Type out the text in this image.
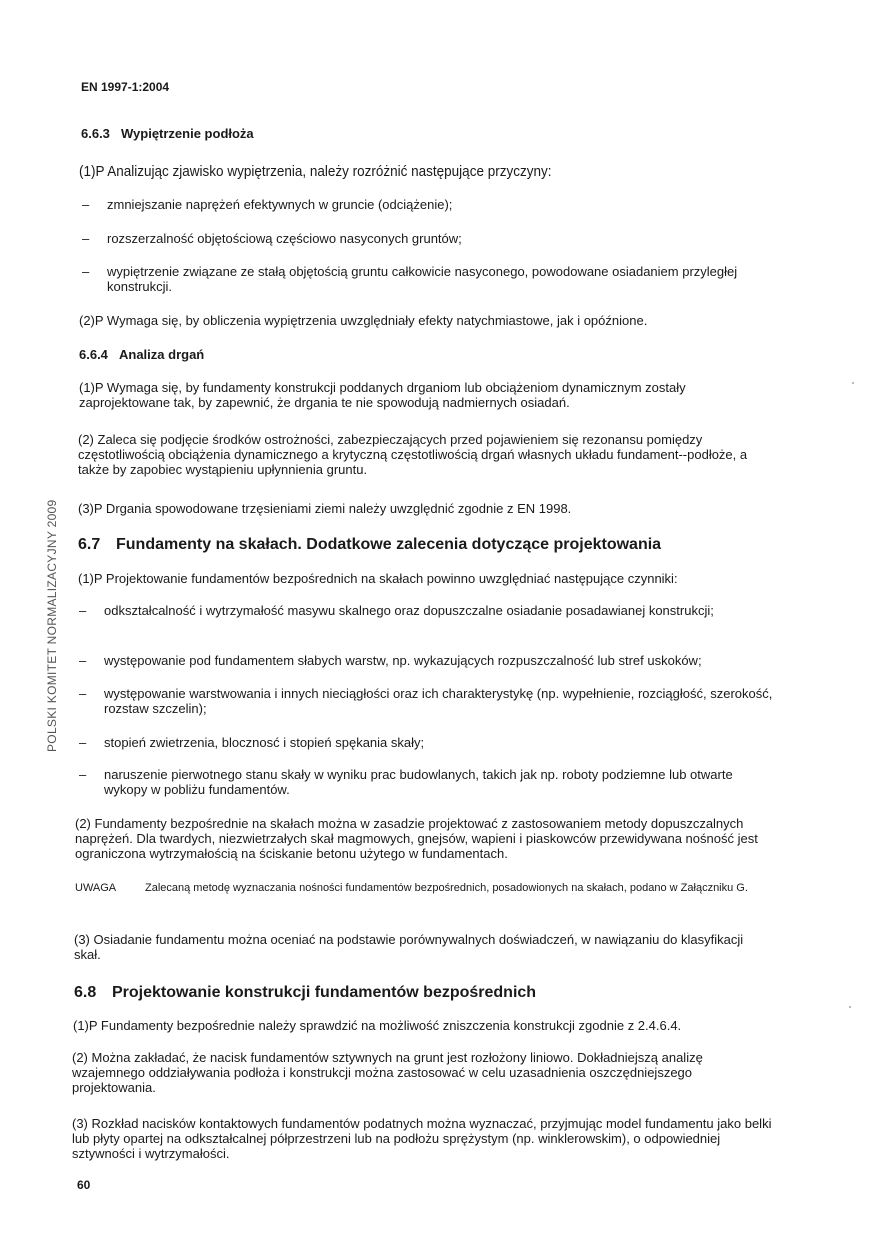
EN 1997-1:2004
POLSKI KOMITET NORMALIZACYJNY 2009
6.6.3 Wypiętrzenie podłoża
(1)P Analizując zjawisko wypiętrzenia, należy rozróżnić następujące przyczyny:
– zmniejszanie naprężeń efektywnych w gruncie (odciążenie);
– rozszerzalność objętościową częściowo nasyconych gruntów;
– wypiętrzenie związane ze stałą objętością gruntu całkowicie nasyconego, powodowane osiadaniem przyległej konstrukcji.
(2)P Wymaga się, by obliczenia wypiętrzenia uwzględniały efekty natychmiastowe, jak i opóźnione.
6.6.4 Analiza drgań
(1)P Wymaga się, by fundamenty konstrukcji poddanych drganiom lub obciążeniom dynamicznym zostały zaprojektowane tak, by zapewnić, że drgania te nie spowodują nadmiernych osiadań.
(2) Zaleca się podjęcie środków ostrożności, zabezpieczających przed pojawieniem się rezonansu pomiędzy częstotliwością obciążenia dynamicznego a krytyczną częstotliwością drgań własnych układu fundament--podłoże, a także by zapobiec wystąpieniu upłynnienia gruntu.
(3)P Drgania spowodowane trzęsieniami ziemi należy uwzględnić zgodnie z EN 1998.
6.7 Fundamenty na skałach. Dodatkowe zalecenia dotyczące projektowania
(1)P Projektowanie fundamentów bezpośrednich na skałach powinno uwzględniać następujące czynniki:
– odkształcalność i wytrzymałość masywu skalnego oraz dopuszczalne osiadanie posadawianej konstrukcji;
– występowanie pod fundamentem słabych warstw, np. wykazujących rozpuszczalność lub stref uskoków;
– występowanie warstwowania i innych nieciągłości oraz ich charakterystykę (np. wypełnienie, rozciągłość, szerokość, rozstaw szczelin);
– stopień zwietrzenia, blocznosć i stopień spękania skały;
– naruszenie pierwotnego stanu skały w wyniku prac budowlanych, takich jak np. roboty podziemne lub otwarte wykopy w pobliżu fundamentów.
(2) Fundamenty bezpośrednie na skałach można w zasadzie projektować z zastosowaniem metody dopuszczalnych naprężeń. Dla twardych, niezwietrzałych skał magmowych, gnejsów, wapieni i piaskowców przewidywana nośność jest ograniczona wytrzymałością na ściskanie betonu użytego w fundamentach.
UWAGA	Zalecaną metodę wyznaczania nośności fundamentów bezpośrednich, posadowionych na skałach, podano w Załączniku G.
(3) Osiadanie fundamentu można oceniać na podstawie porównywalnych doświadczeń, w nawiązaniu do klasyfikacji skał.
6.8 Projektowanie konstrukcji fundamentów bezpośrednich
(1)P Fundamenty bezpośrednie należy sprawdzić na możliwość zniszczenia konstrukcji zgodnie z 2.4.6.4.
(2) Można zakładać, że nacisk fundamentów sztywnych na grunt jest rozłożony liniowo. Dokładniejszą analizę wzajemnego oddziaływania podłoża i konstrukcji można zastosować w celu uzasadnienia oszczędniejszego projektowania.
(3) Rozkład nacisków kontaktowych fundamentów podatnych można wyznaczać, przyjmując model fundamentu jako belki lub płyty opartej na odkształcalnej półprzestrzeni lub na podłożu sprężystym (np. winklerowskim), o odpowiedniej sztywności i wytrzymałości.
60
